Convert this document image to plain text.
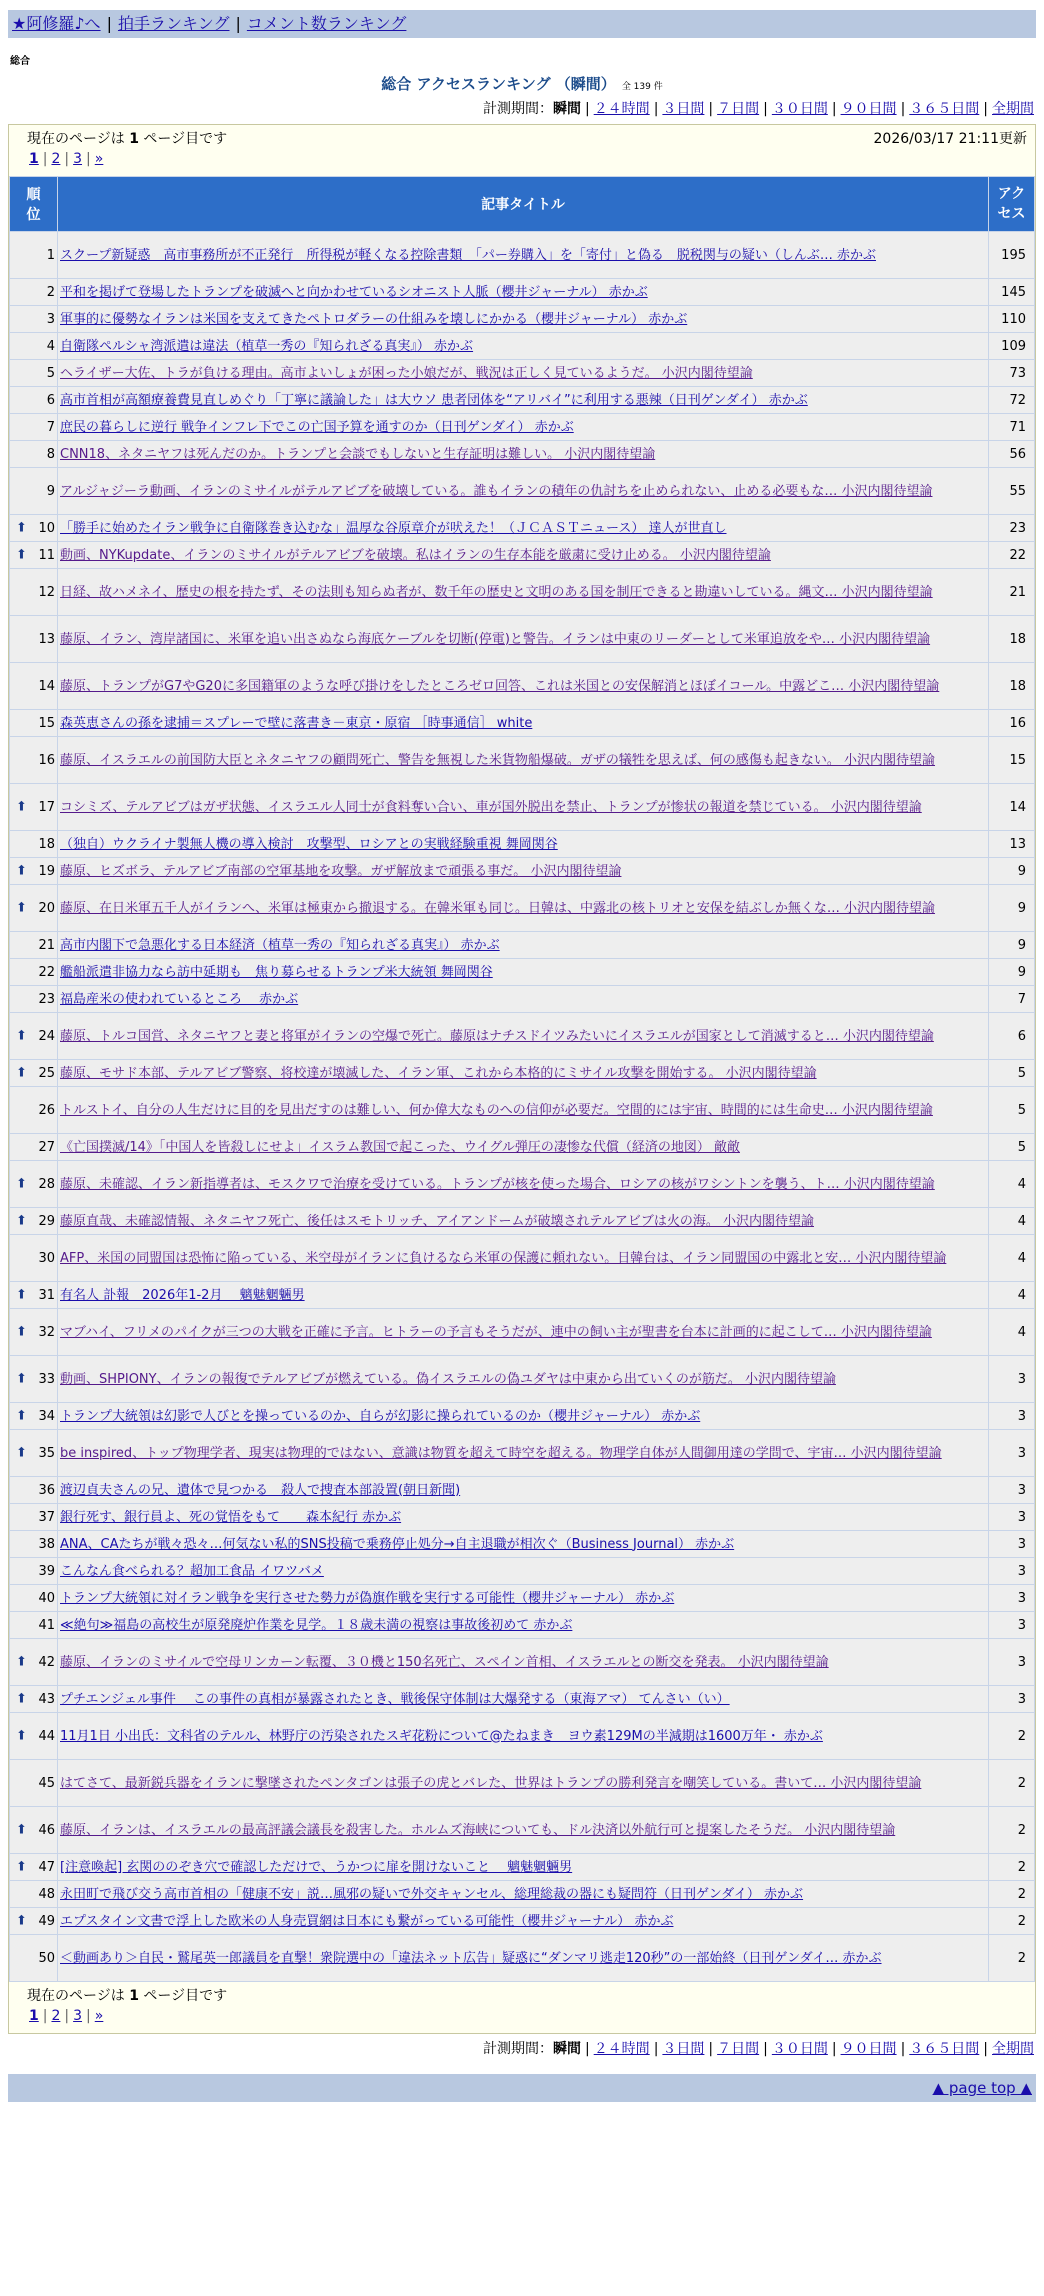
★阿修羅♪へ | 拍手ランキング | コメント数ランキング
総合
総合 アクセスランキング （瞬間） 全 139 件
計測期間：瞬間 | ２４時間 | ３日間 | ７日間 | ３０日間 | ９０日間 | ３６５日間 | 全期間
現在のページは 1 ページ目です	2026/03/17 21:11更新
1 | 2 | 3 | »
順
位	記事タイトル	アク
セス
1	スクープ新疑惑　高市事務所が不正発行　所得税が軽くなる控除書類　「パー券購入」を「寄付」と偽る　脱税関与の疑い（しんぶ… 赤かぶ	195
2	平和を掲げて登場したトランプを破滅へと向かわせているシオニスト人脈（櫻井ジャーナル） 赤かぶ	145
3	軍事的に優勢なイランは米国を支えてきたペトロダラーの仕組みを壊しにかかる（櫻井ジャーナル） 赤かぶ	110
4	自衛隊ペルシャ湾派遣は違法（植草一秀の『知られざる真実』） 赤かぶ	109
5	ヘライザー大佐、トラが負ける理由。高市よいしょが困った小娘だが、戦況は正しく見ているようだ。 小沢内閣待望論	73
6	高市首相が高額療養費見直しめぐり「丁寧に議論した」は大ウソ 患者団体を“アリバイ”に利用する悪辣（日刊ゲンダイ） 赤かぶ	72
7	庶民の暮らしに逆行 戦争インフレ下でこの亡国予算を通すのか（日刊ゲンダイ） 赤かぶ	71
8	CNN18、ネタニヤフは死んだのか。トランプと会談でもしないと生存証明は難しい。 小沢内閣待望論	56
9	アルジャジーラ動画、イランのミサイルがテルアビブを破壊している。誰もイランの積年の仇討ちを止められない、止める必要もな… 小沢内閣待望論	55

⬆ 10	「勝手に始めたイラン戦争に自衛隊巻き込むな」温厚な谷原章介が吠えた！（ＪＣＡＳＴニュース） 達人が世直し	23

⬆ 11	動画、NYKupdate、イランのミサイルがテルアビブを破壊。私はイランの生存本能を厳粛に受け止める。 小沢内閣待望論	22
12	日経、故ハメネイ、歴史の根を持たず、その法則も知らぬ者が、数千年の歴史と文明のある国を制圧できると勘違いしている。縄文… 小沢内閣待望論	21
13	藤原、イラン、湾岸諸国に、米軍を追い出さぬなら海底ケーブルを切断(停電)と警告。イランは中東のリーダーとして米軍追放をや… 小沢内閣待望論	18
14	藤原、トランプがG7やG20に多国籍軍のような呼び掛けをしたところゼロ回答、これは米国との安保解消とほぼイコール。中露どこ… 小沢内閣待望論	18
15	森英恵さんの孫を逮捕＝スプレーで壁に落書き－東京・原宿 ［時事通信］ white	16
16	藤原、イスラエルの前国防大臣とネタニヤフの顧問死亡、警告を無視した米貨物船爆破。ガザの犠牲を思えば、何の感傷も起きない。 小沢内閣待望論	15

⬆ 17	コシミズ、テルアビブはガザ状態、イスラエル人同士が食料奪い合い、車が国外脱出を禁止、トランプが惨状の報道を禁じている。 小沢内閣待望論	14
18	（独自）ウクライナ製無人機の導入検討　攻撃型、ロシアとの実戦経験重視 舞岡関谷	13

⬆ 19	藤原、ヒズボラ、テルアビブ南部の空軍基地を攻撃。ガザ解放まで頑張る事だ。 小沢内閣待望論	9

⬆ 20	藤原、在日米軍五千人がイランへ、米軍は極東から撤退する。在韓米軍も同じ。日韓は、中露北の核トリオと安保を結ぶしか無くな… 小沢内閣待望論	9
21	高市内閣下で急悪化する日本経済（植草一秀の『知られざる真実』） 赤かぶ	9
22	艦船派遣非協力なら訪中延期も　焦り募らせるトランプ米大統領 舞岡関谷	9
23	福島産米の使われているところ　 赤かぶ	7

⬆ 24	藤原、トルコ国営、ネタニヤフと妻と将軍がイランの空爆で死亡。藤原はナチスドイツみたいにイスラエルが国家として消滅すると… 小沢内閣待望論	6

⬆ 25	藤原、モサド本部、テルアビブ警察、将校達が壊滅した、イラン軍、これから本格的にミサイル攻撃を開始する。 小沢内閣待望論	5
26	トルストイ、自分の人生だけに目的を見出だすのは難しい、何か偉大なものへの信仰が必要だ。空間的には宇宙、時間的には生命史… 小沢内閣待望論	5
27	《亡国撲滅/14》「中国人を皆殺しにせよ」イスラム教国で起こった、ウイグル弾圧の凄惨な代償（経済の地図） 敵敵	5

⬆ 28	藤原、未確認、イラン新指導者は、モスクワで治療を受けている。トランプが核を使った場合、ロシアの核がワシントンを襲う、ト… 小沢内閣待望論	4

⬆ 29	藤原直哉、未確認情報、ネタニヤフ死亡、後任はスモトリッチ、アイアンドームが破壊されテルアビブは火の海。 小沢内閣待望論	4
30	AFP、米国の同盟国は恐怖に陥っている、米空母がイランに負けるなら米軍の保護に頼れない。日韓台は、イラン同盟国の中露北と安… 小沢内閣待望論	4

⬆ 31	有名人 訃報　2026年1-2月　 魑魅魍魎男	4

⬆ 32	マブハイ、フリメのパイクが三つの大戦を正確に予言。ヒトラーの予言もそうだが、連中の飼い主が聖書を台本に計画的に起こして… 小沢内閣待望論	4

⬆ 33	動画、SHPIONY、イランの報復でテルアビブが燃えている。偽イスラエルの偽ユダヤは中東から出ていくのが筋だ。 小沢内閣待望論	3

⬆ 34	トランプ大統領は幻影で人びとを操っているのか、自らが幻影に操られているのか（櫻井ジャーナル） 赤かぶ	3

⬆ 35	be inspired、トップ物理学者、現実は物理的ではない、意識は物質を超えて時空を超える。物理学自体が人間御用達の学問で、宇宙… 小沢内閣待望論	3
36	渡辺貞夫さんの兄、遺体で見つかる　殺人で捜査本部設置(朝日新聞)	3
37	銀行死す、銀行員よ、死の覚悟をもて　　森本紀行 赤かぶ	3
38	ANA、CAたちが戦々恐々…何気ない私的SNS投稿で乗務停止処分→自主退職が相次ぐ（Business Journal） 赤かぶ	3
39	こんなん食べられる？超加工食品 イワツバメ	3
40	トランプ大統領に対イラン戦争を実行させた勢力が偽旗作戦を実行する可能性（櫻井ジャーナル） 赤かぶ	3
41	≪絶句≫福島の高校生が原発廃炉作業を見学。１８歳未満の視察は事故後初めて 赤かぶ	3

⬆ 42	藤原、イランのミサイルで空母リンカーン転覆、３０機と150名死亡、スペイン首相、イスラエルとの断交を発表。 小沢内閣待望論	3

⬆ 43	プチエンジェル事件　 この事件の真相が暴露されたとき、戦後保守体制は大爆発する（東海アマ） てんさい（い）	3

⬆ 44	11月1日 小出氏：文科省のテルル、林野庁の汚染されたスギ花粉について@たねまき　ヨウ素129Mの半減期は1600万年・ 赤かぶ	2
45	はてさて、最新鋭兵器をイランに撃墜されたペンタゴンは張子の虎とバレた、世界はトランプの勝利発言を嘲笑している。書いて… 小沢内閣待望論	2

⬆ 46	藤原、イランは、イスラエルの最高評議会議長を殺害した。ホルムズ海峡についても、ドル決済以外航行可と提案したそうだ。 小沢内閣待望論	2

⬆ 47	[注意喚起] 玄関ののぞき穴で確認しただけで、うかつに扉を開けないこと　 魑魅魍魎男	2
48	永田町で飛び交う高市首相の「健康不安」説…風邪の疑いで外交キャンセル、総理総裁の器にも疑問符（日刊ゲンダイ） 赤かぶ	2

⬆ 49	エプスタイン文書で浮上した欧米の人身売買網は日本にも繋がっている可能性（櫻井ジャーナル） 赤かぶ	2
50	＜動画あり＞自民・鷲尾英一郎議員を直撃！衆院選中の「違法ネット広告」疑惑に“ダンマリ逃走120秒”の一部始終（日刊ゲンダイ… 赤かぶ	2
現在のページは 1 ページ目です
1 | 2 | 3 | »
計測期間：瞬間 | ２４時間 | ３日間 | ７日間 | ３０日間 | ９０日間 | ３６５日間 | 全期間
▲ page top ▲
